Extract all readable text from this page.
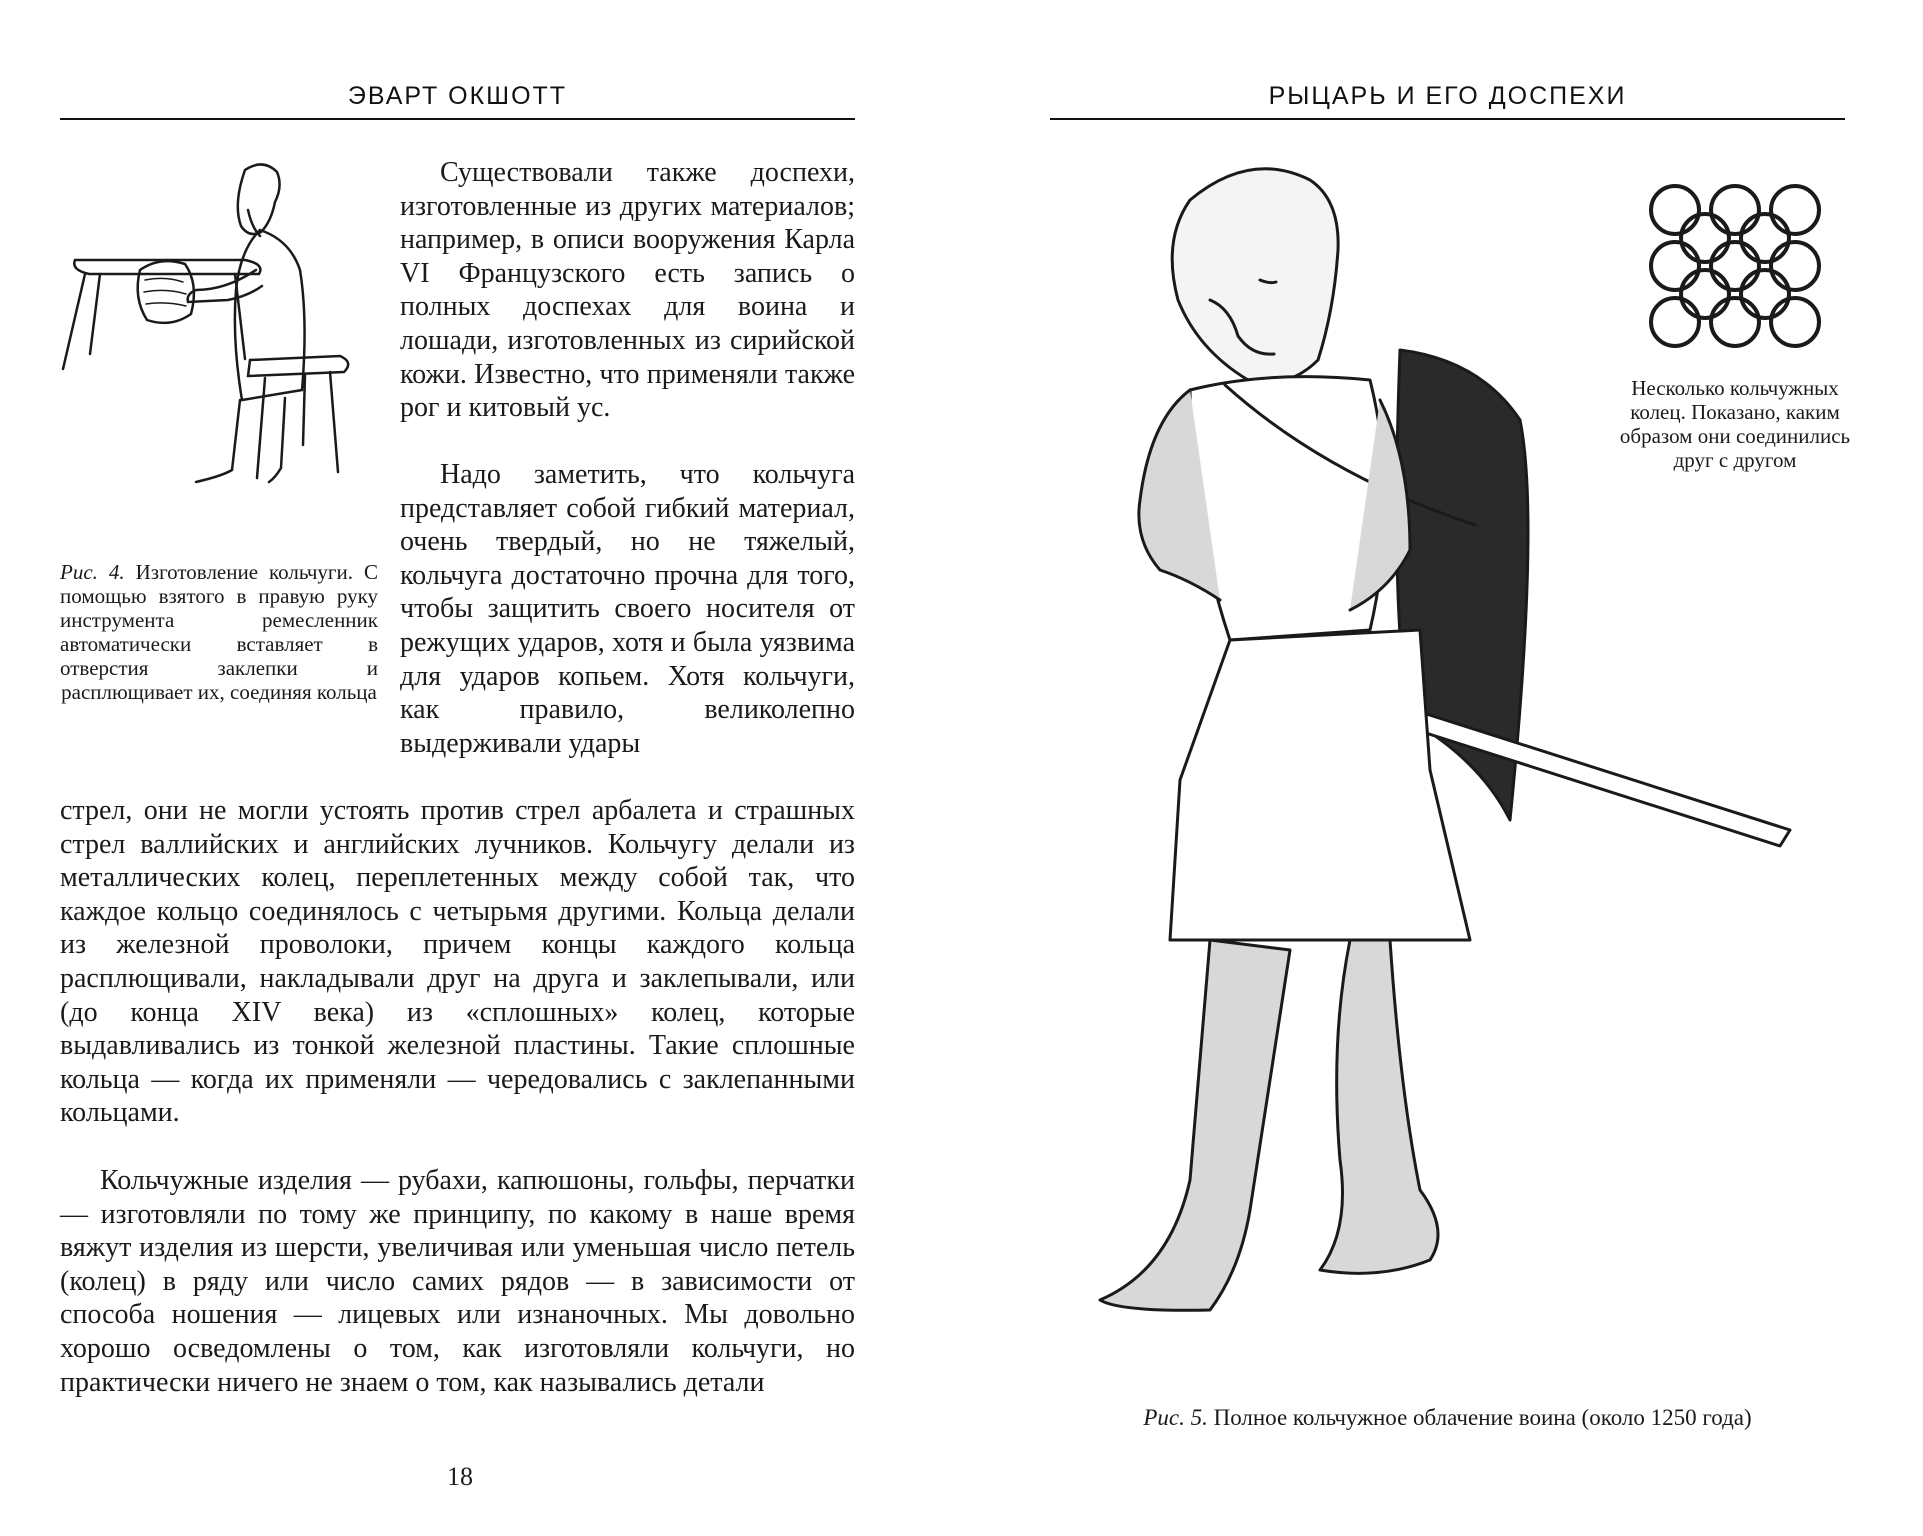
ЭВАРТ ОКШОТТ
Рис. 4. Изготовление кольчуги. С помощью взятого в правую руку инструмента ремесленник автоматически вставляет в отверстия заклепки и расплющивает их, соединяя кольца

Существовали также доспехи, изготовленные из других материалов; например, в описи вооружения Карла VI Французского есть запись о полных доспехах для воина и лошади, изготовленных из сирийской кожи. Известно, что применяли также рог и китовый ус.

Надо заметить, что кольчуга представляет собой гибкий материал, очень твердый, но не тяжелый, кольчуга достаточно прочна для того, чтобы защитить своего носителя от режущих ударов, хотя и была уязвима для ударов копьем. Хотя кольчуги, как правило, великолепно выдерживали удары

стрел, они не могли устоять против стрел арбалета и страшных стрел валлийских и английских лучников. Кольчугу делали из металлических колец, переплетенных между собой так, что каждое кольцо соединялось с четырьмя другими. Кольца делали из железной проволоки, причем концы каждого кольца расплющивали, накладывали друг на друга и заклепывали, или (до конца XIV века) из «сплошных» колец, которые выдавливались из тонкой железной пластины. Такие сплошные кольца — когда их применяли — чередовались с заклепанными кольцами.

Кольчужные изделия — рубахи, капюшоны, гольфы, перчатки — изготовляли по тому же принципу, по какому в наше время вяжут изделия из шерсти, увеличивая или уменьшая число петель (колец) в ряду или число самих рядов — в зависимости от способа ношения — лицевых или изнаночных. Мы довольно хорошо осведомлены о том, как изготовляли кольчуги, но практически ничего не знаем о том, как назывались детали

18
РЫЦАРЬ И ЕГО ДОСПЕХИ
Несколько кольчужных колец. Показано, каким образом они соединились друг с другом
Рис. 5. Полное кольчужное облачение воина (около 1250 года)
